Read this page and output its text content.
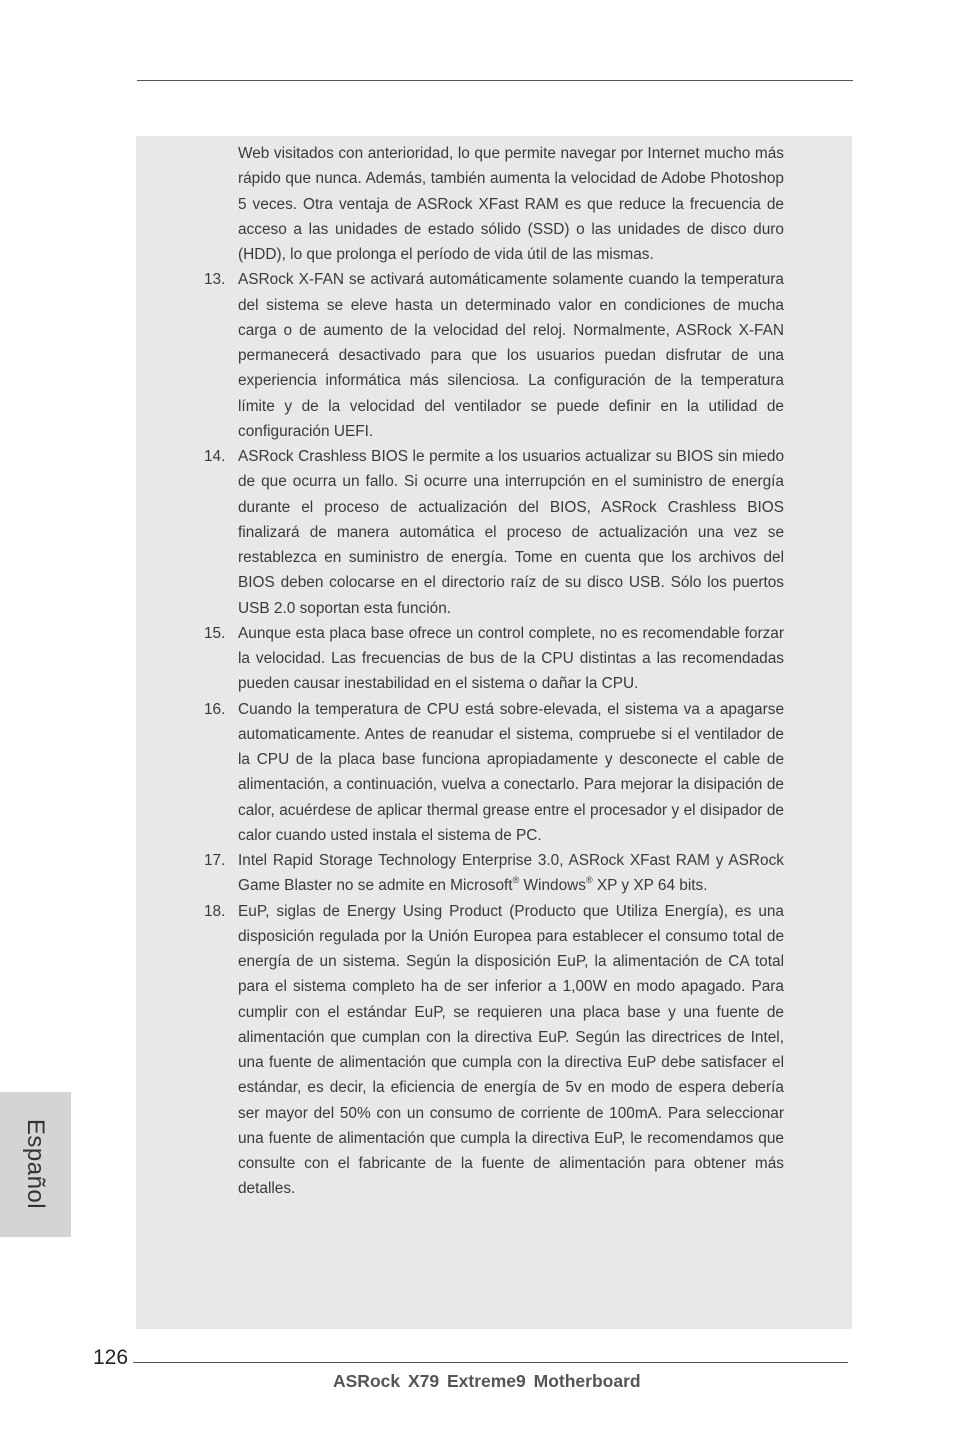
Web visitados con anterioridad, lo que permite navegar por Internet mucho más rápido que nunca. Además, también aumenta la velocidad de Adobe Photoshop 5 veces. Otra ventaja de ASRock XFast RAM es que reduce la frecuencia de acceso a las unidades de estado sólido (SSD) o las unidades de disco duro (HDD), lo que prolonga el período de vida útil de las mismas.

13. ASRock X-FAN se activará automáticamente solamente cuando la temperatura del sistema se eleve hasta un determinado valor en condiciones de mucha carga o de aumento de la velocidad del reloj. Normalmente, ASRock X-FAN permanecerá desactivado para que los usuarios puedan disfrutar de una experiencia informática más silenciosa. La configuración de la temperatura límite y de la velocidad del ventilador se puede definir en la utilidad de configuración UEFI.

14. ASRock Crashless BIOS le permite a los usuarios actualizar su BIOS sin miedo de que ocurra un fallo. Si ocurre una interrupción en el suministro de energía durante el proceso de actualización del BIOS, ASRock Crashless BIOS finalizará de manera automática el proceso de actualización una vez se restablezca en suministro de energía. Tome en cuenta que los archivos del BIOS deben colocarse en el directorio raíz de su disco USB. Sólo los puertos USB 2.0 soportan esta función.

15. Aunque esta placa base ofrece un control complete, no es recomendable forzar la velocidad. Las frecuencias de bus de la CPU distintas a las recomendadas pueden causar inestabilidad en el sistema o dañar la CPU.

16. Cuando la temperatura de CPU está sobre-elevada, el sistema va a apagarse automaticamente. Antes de reanudar el sistema, compruebe si el ventilador de la CPU de la placa base funciona apropiadamente y desconecte el cable de alimentación, a continuación, vuelva a conectarlo. Para mejorar la disipación de calor, acuérdese de aplicar thermal grease entre el procesador y el disipador de calor cuando usted instala el sistema de PC.

17. Intel Rapid Storage Technology Enterprise 3.0, ASRock XFast RAM y ASRock Game Blaster no se admite en Microsoft® Windows® XP y XP 64 bits.

18. EuP, siglas de Energy Using Product (Producto que Utiliza Energía), es una disposición regulada por la Unión Europea para establecer el consumo total de energía de un sistema. Según la disposición EuP, la alimentación de CA total para el sistema completo ha de ser inferior a 1,00W en modo apagado. Para cumplir con el estándar EuP, se requieren una placa base y una fuente de alimentación que cumplan con la directiva EuP. Según las directrices de Intel, una fuente de alimentación que cumpla con la directiva EuP debe satisfacer el estándar, es decir, la eficiencia de energía de 5v en modo de espera debería ser mayor del 50% con un consumo de corriente de 100mA. Para seleccionar una fuente de alimentación que cumpla la directiva EuP, le recomendamos que consulte con el fabricante de la fuente de alimentación para obtener más detalles.

Español
126
ASRock X79 Extreme9 Motherboard
